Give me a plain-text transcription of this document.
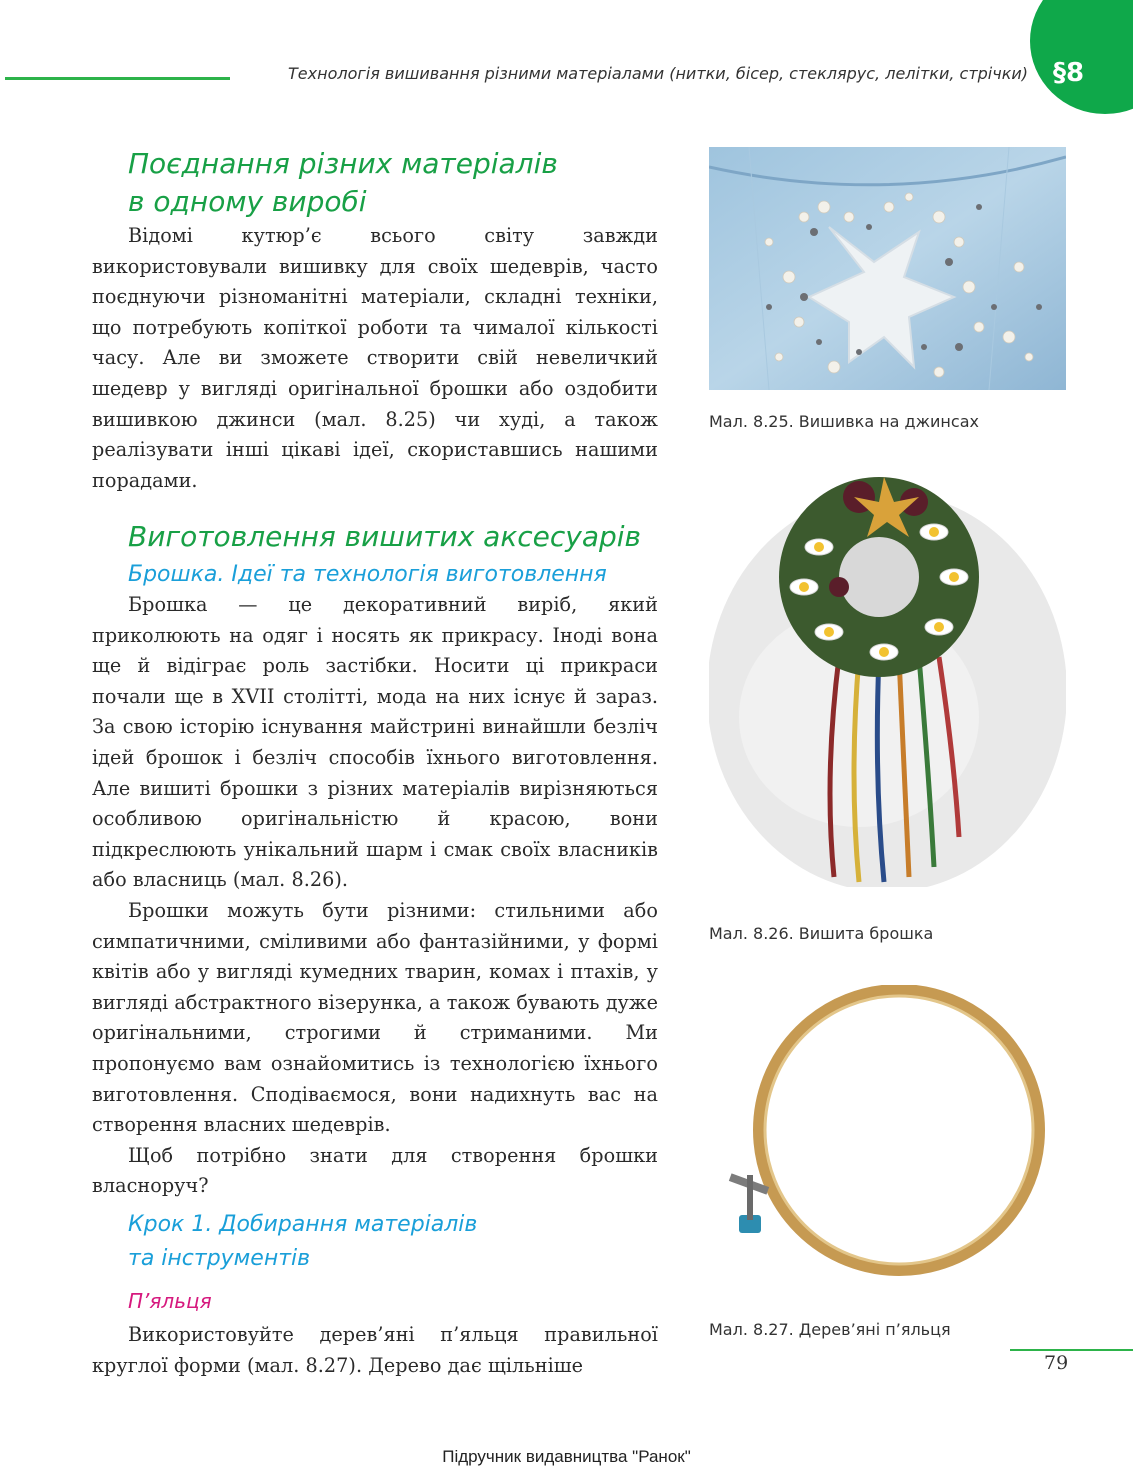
Технологія вишивання різними матеріалами (нитки, бісер, стеклярус, лелітки, стрічки) §8

Поєднання різних матеріалів

в одному виробі

Відомі кутюр’є всього світу завжди використовували вишивку для своїх шедеврів, часто поєднуючи різноманітні матеріали, складні техніки, що потребують копіткої роботи та чималої кількості часу. Але ви зможете створити свій невеличкий шедевр у вигляді оригінальної брошки або оздобити вишивкою джинси (мал. 8.25) чи худі, а також реалізувати інші цікаві ідеї, скориставшись нашими порадами.

Виготовлення вишитих аксесуарів

Брошка. Ідеї та технологія виготовлення

Брошка — це декоративний виріб, який приколюють на одяг і носять як прикрасу. Іноді вона ще й відіграє роль застібки. Носити ці прикраси почали ще в XVII столітті, мода на них існує й зараз. За свою історію існування майстрині винайшли безліч ідей брошок і безліч способів їхнього виготовлення. Але вишиті брошки з різних матеріалів вирізняються особливою оригінальністю й красою, вони підкреслюють унікальний шарм і смак своїх власників або власниць (мал. 8.26).

Брошки можуть бути різними: стильними або симпатичними, сміливими або фантазійними, у формі квітів або у вигляді кумедних тварин, комах і птахів, у вигляді абстрактного візерунка, а також бувають дуже оригінальними, строгими й стриманими. Ми пропонуємо вам ознайомитись із технологією їхнього виготовлення. Сподіваємося, вони надихнуть вас на створення власних шедеврів.

Щоб потрібно знати для створення брошки власноруч?

Крок 1. Добирання матеріалів

та інструментів

П’яльця

Використовуйте дерев’яні п’яльця правильної круглої форми (мал. 8.27). Дерево дає щільніше

Мал. 8.25. Вишивка на джинсах
Мал. 8.26. Вишита брошка
Мал. 8.27. Дерев’яні п’яльця
79
Підручник видавництва "Ранок"
